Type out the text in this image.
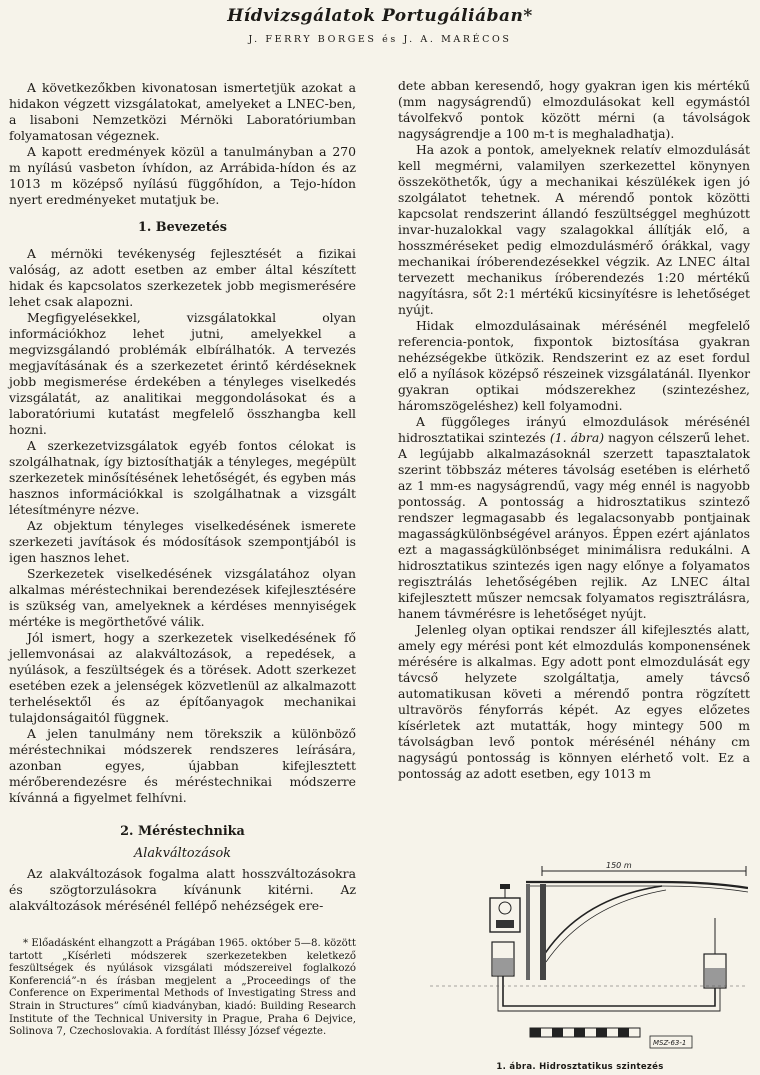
Hídvizsgálatok Portugáliában*
J. FERRY BORGES és J. A. MARÉCOS

A következőkben kivonatosan ismertetjük azokat a hidakon végzett vizsgálatokat, amelyeket a LNEC-ben, a lisaboni Nemzetközi Mérnöki Laboratóriumban folyamatosan végeznek.

A kapott eredmények közül a tanulmányban a 270 m nyílású vasbeton ívhídon, az Arrábida-hídon és az 1013 m középső nyílású függőhídon, a Tejo-hídon nyert eredményeket mutatjuk be.

1. Bevezetés

A mérnöki tevékenység fejlesztését a fizikai valóság, az adott esetben az ember által készített hidak és kapcsolatos szerkezetek jobb megismerésére lehet csak alapozni.

Megfigyelésekkel, vizsgálatokkal olyan információkhoz lehet jutni, amelyekkel a megvizsgálandó problémák elbírálhatók. A tervezés megjavításának és a szerkezetet érintő kérdéseknek jobb megismerése érdekében a tényleges viselkedés vizsgálatát, az analitikai meggondolásokat és a laboratóriumi kutatást megfelelő összhangba kell hozni.

A szerkezetvizsgálatok egyéb fontos célokat is szolgálhatnak, így biztosíthatják a tényleges, megépült szerkezetek minősítésének lehetőségét, és egyben más hasznos információkkal is szolgálhatnak a vizsgált létesítményre nézve.

Az objektum tényleges viselkedésének ismerete szerkezeti javítások és módosítások szempontjából is igen hasznos lehet.

Szerkezetek viselkedésének vizsgálatához olyan alkalmas méréstechnikai berendezések kifejlesztésére is szükség van, amelyeknek a kérdéses mennyiségek mértéke is megörthetővé válik.

Jól ismert, hogy a szerkezetek viselkedésének fő jellemvonásai az alakváltozások, a repedések, a nyúlások, a feszültségek és a törések. Adott szerkezet esetében ezek a jelenségek közvetlenül az alkalmazott terhelésektől és az építőanyagok mechanikai tulajdonságaitól függnek.

A jelen tanulmány nem törekszik a különböző méréstechnikai módszerek rendszeres leírására, azonban egyes, újabban kifejlesztett mérőberendezésre és méréstechnikai módszerre kívánná a figyelmet felhívni.

2. Méréstechnika
Alakváltozások

Az alakváltozások fogalma alatt hosszváltozásokra és szögtorzulásokra kívánunk kitérni. Az alakváltozások mérésénél fellépő nehézségek ere-

* Előadásként elhangzott a Prágában 1965. október 5—8. között tartott „Kísérleti módszerek szerkezetekben keletkező feszültségek és nyúlások vizsgálati módszereivel foglalkozó Konferenciá”-n és írásban megjelent a „Proceedings of the Conference on Experimental Methods of Investigating Stress and Strain in Structures” című kiadványban, kiadó: Building Research Institute of the Technical University in Prague, Praha 6 Dejvice, Solinova 7, Czechoslovakia. A fordítást Illéssy József végezte.

dete abban keresendő, hogy gyakran igen kis mértékű (mm nagyságrendű) elmozdulásokat kell egymástól távolfekvő pontok között mérni (a távolságok nagyságrendje a 100 m-t is meghaladhatja).

Ha azok a pontok, amelyeknek relatív elmozdulását kell megmérni, valamilyen szerkezettel könynyen összeköthetők, úgy a mechanikai készülékek igen jó szolgálatot tehetnek. A mérendő pontok közötti kapcsolat rendszerint állandó feszültséggel meghúzott invar-huzalokkal vagy szalagokkal állítják elő, a hosszméréseket pedig elmozdulásmérő órákkal, vagy mechanikai íróberendezésekkel végzik. Az LNEC által tervezett mechanikus íróberendezés 1:20 mértékű nagyításra, sőt 2:1 mértékű kicsinyítésre is lehetőséget nyújt.

Hidak elmozdulásainak mérésénél megfelelő referencia-pontok, fixpontok biztosítása gyakran nehézségekbe ütközik. Rendszerint ez az eset fordul elő a nyílások középső részeinek vizsgálatánál. Ilyenkor gyakran optikai módszerekhez (szintezéshez, háromszögeléshez) kell folyamodni.

A függőleges irányú elmozdulások mérésénél hidrosztatikai szintezés (1. ábra) nagyon célszerű lehet. A legújabb alkalmazásoknál szerzett tapasztalatok szerint többszáz méteres távolság esetében is elérhető az 1 mm-es nagyságrendű, vagy még ennél is nagyobb pontosság. A pontosság a hidrosztatikus szintező rendszer legmagasabb és legalacsonyabb pontjainak magasságkülönbségével arányos. Éppen ezért ajánlatos ezt a magasságkülönbséget minimálisra redukálni. A hidrosztatikus szintezés igen nagy előnye a folyamatos regisztrálás lehetőségében rejlik. Az LNEC által kifejlesztett műszer nemcsak folyamatos regisztrálásra, hanem távmérésre is lehetőséget nyújt.

Jelenleg olyan optikai rendszer áll kifejlesztés alatt, amely egy mérési pont két elmozdulás komponensének mérésére is alkalmas. Egy adott pont elmozdulását egy távcső helyzete szolgáltatja, amely távcső automatikusan követi a mérendő pontra rögzített ultravörös fényforrás képét. Az egyes előzetes kísérletek azt mutatták, hogy mintegy 500 m távolságban levő pontok mérésénél néhány cm nagyságú pontosság is könnyen elérhető volt. Ez a pontosság az adott esetben, egy 1013 m

150 m
MSZ-63-1
1. ábra. Hidrosztatikus szintezés
